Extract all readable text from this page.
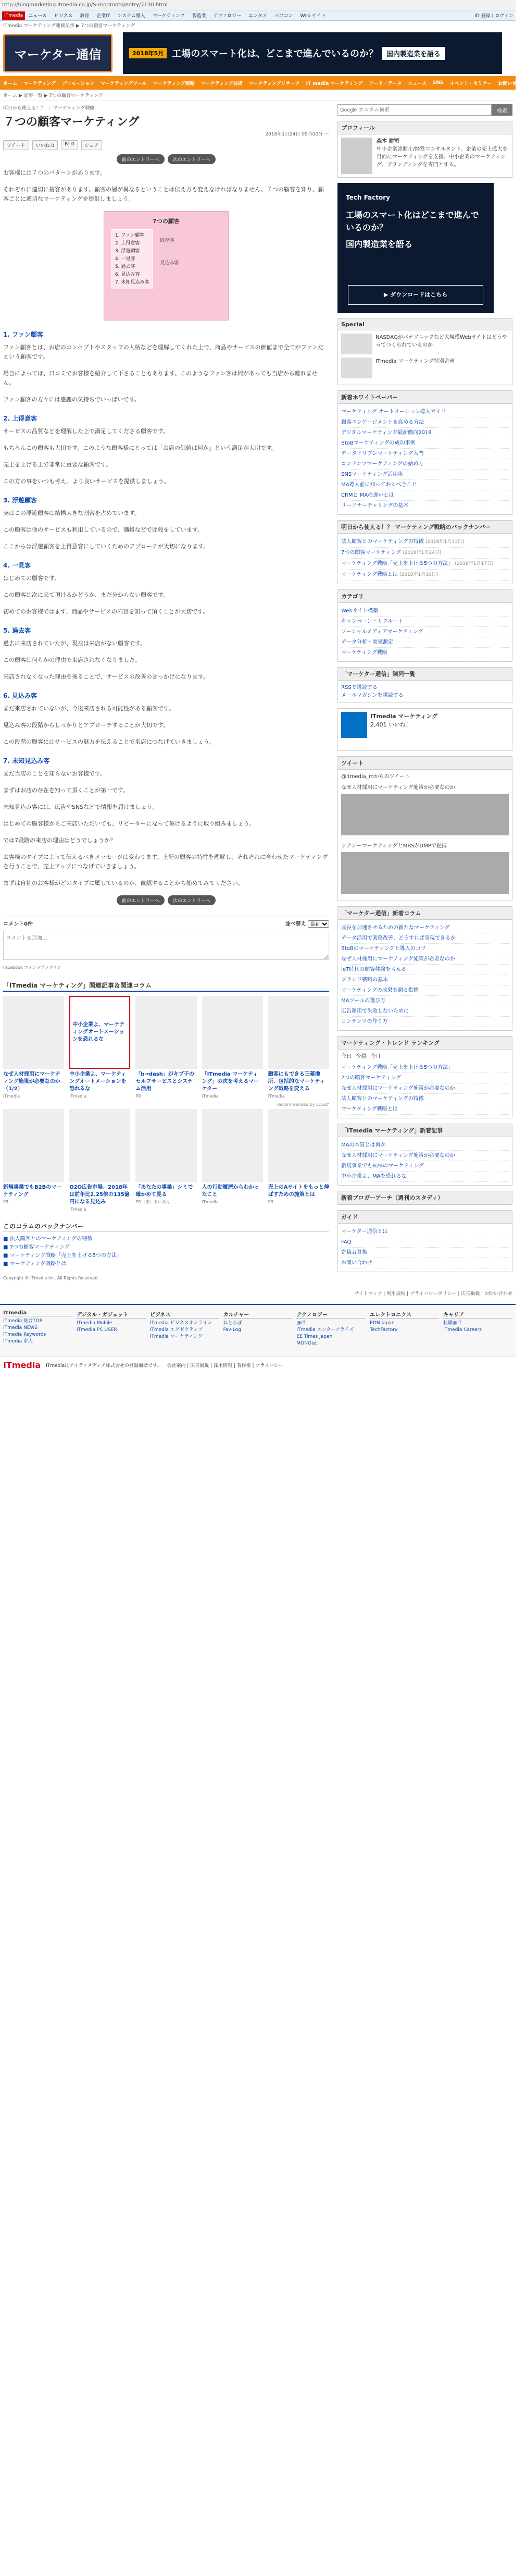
http://blogmarketing.itmedia.co.jp/S-morimoto/entry/7130.html
ITmedia	ニュース ビジネス 教育 企業IT システム導入 マーケティング 製造業 テクノロジー エンタメ パソコン Web サイト	ID 登録 | ログイン
ITmedia マーケティング連載記事 ▶ 7つの顧客マーケティング
マーケター通信	2018年5月 工場のスマート化は、どこまで進んでいるのか？	国内製造業を語る
ホーム マーケティング プロモーション マーケティングツール マーケティング戦略 マーケティング技術 マーケティングリサーチ IT media マーケティング ワード・データ ニュース SNS イベント・セミナー お問い合わせ
ホーム ▶ 記事一覧 ▶ 7つの顧客マーケティング
明日から使える！？ ｜ マーケティング戦略
７つの顧客マーケティング
2018年1月24日 09時00分 ～
ツイート	いいね 0	B! 0	シェア
前のエントリーへ	次のエントリーへ

お客様には７つのパターンがあります。

それぞれに適切に接客があります。顧客の層が異なるということは伝え方も変えなければなりません。７つの顧客を知り、顧客ごとに適切なマーケティングを提供しましょう。

7つの顧客
1. ファン顧客
2. 上得意客
3. 浮遊顧客
4. 一見客
5. 過去客
6. 見込み客
7. 未知見込み客
既存客
見込み客
1. ファン顧客

ファン顧客とは、お店のコンセプトやスタッフの人柄などを理解してくれた上で、商品やサービスの価値まで全てがファンだという顧客です。

場合によっては、口コミでお客様を紹介して下さることもあります。このようなファン客は何があっても当店から離れません。

ファン顧客の方々には感謝の気持ちでいっぱいです。

2. 上得意客

サービスの品質などを理解した上で満足してくださる顧客です。

もちろんこの顧客も大切です。このような顧客様にとっては「お店の価値は何か」という満足が大切です。

売上を上げる上で非常に重要な顧客です。

この方の事をいつも考え、より良いサービスを提供しましょう。

3. 浮遊顧客

実はこの浮遊顧客は結構大きな割合を占めています。

この顧客は他のサービスも利用しているので、価格などで比較をしています。

ここからは浮遊顧客を上得意客にしていくためのアプローチが大切になります。

4. 一見客

はじめての顧客です。

この顧客は次に来て頂けるかどうか、まだ分からない顧客です。

初めてのお客様ではまず、商品やサービスの内容を知って頂くことが大切です。

5. 過去客

過去に来店されていたが、現在は来店がない顧客です。

この顧客は何らかの理由で来店されなくなりました。

来店されなくなった理由を探ることで、サービスの改善のきっかけになります。

6. 見込み客

まだ来店されていないが、今後来店される可能性がある顧客です。

見込み客の段階からしっかりとアプローチすることが大切です。

この段階の顧客にはサービスの魅力を伝えることで来店につなげていきましょう。

7. 未知見込み客

まだ当店のことを知らないお客様です。

まずはお店の存在を知って頂くことが第一です。

未知見込み客には、広告やSNSなどで情報を届けましょう。

はじめての顧客様からご来店いただいても、リピーターになって頂けるように取り組みましょう。

では7段階の来店の理由はどうでしょうか？

お客様のタイプによって伝えるべきメッセージは変わります。上記の顧客の特性を理解し、それぞれに合わせたマーケティングを行うことで、売上アップにつなげていきましょう。

まずは自社のお客様がどのタイプに属しているのか、確認することから始めてみてください。

前のエントリーへ	次のエントリーへ
コメント0件	並べ替え
最新
コメントを追加...
Facebook コメントプラグイン
「ITmedia マーケティング」関連記事＆関連コラム
なぜ人材採用にマーケティング施策が必要なのか（1/2）
ITmedia
中小企業よ、マーケティングオートメーションを恐れるな
中小企業よ、マーケティングオートメーションを恐れるな
ITmedia
「b→dash」がキブ子のセルフサービスとシステム活用
PR
「ITmedia マーケティング」の次を考えるマーケター
ITmedia
顧客にもできる三菱地所、包括的なマーケティング戦略を変える
ITmedia
Recommended by LOGLY
新規事業でもB2Bのマーケティング
PR
O2O広告市場、2018年は前年比2.25倍の135億円になる見込み
ITmedia
「あなたの事業」シミで確かめて見る
PR（株）あいあん
人の行動履歴からわかったこと
ITmedia
売上のAサイトをもっと伸ばすための施策とは
PR
このコラムのバックナンバー
■ 法人顧客とのマーケティングの特徴
■ 7つの顧客マーケティング
■ マーケティング戦略「売上を上げる5つの方法」
■ マーケティング戦略とは
Copyright © ITmedia Inc. All Rights Reserved.
Google カスタム検索
検索
プロフィール
森本 耕司
中小企業診断士/経営コンサルタント。企業の売上拡大を目的にマーケティングを支援。中小企業のマーケティング、ブランディングを専門とする。
Tech Factory
工場のスマート化はどこまで進んでいるのか？
国内製造業を語る
▶ ダウンロードはこちら
Special
NASDAQがパナソニックなど大規模Webサイトはどうやってつくられているのか
ITmedia マーケティング特別企画
新着ホワイトペーパー
マーケティング オートメーション導入ガイド
顧客エンゲージメントを高める方法
デジタルマーケティング最新動向2018
BtoBマーケティングの成功事例
データドリブンマーケティング入門
コンテンツマーケティングの始め方
SNSマーケティング活用術
MA導入前に知っておくべきこと
CRMと MAの違いとは
リードナーチャリングの基本
明日から使える！？ マーケティング戦略のバックナンバー
法人顧客とのマーケティングの特徴 (2018年1月31日)
7つの顧客マーケティング (2018年1月24日)
マーケティング戦略「売上を上げる5つの方法」 (2018年1月17日)
マーケティング戦略とは (2018年1月10日)
カテゴリ
Webサイト構築
キャンペーン・リクルート
ソーシャルメディアマーケティング
データ分析・効果測定
マーケティング戦略
「マーケター通信」陳列一覧
RSSで購読する
メールマガジンを購読する
ITmedia マーケティング
2,401 いいね！
ツイート
@itmedia_mからのツイート
なぜ人材採用にマーケティング施策が必要なのか
シナジーマーケティングとMBSがDMPで提携
「マーケター通信」新着コラム
成長を加速させるための新たなマーケティング
データ活用で業務改善、どうすれば実現できるか
BtoBのマーケティングと導入のコツ
なぜ人材採用にマーケティング施策が必要なのか
IoT時代の顧客体験を考える
ブランド戦略の基本
マーケティングの成果を測る指標
MAツールの選び方
広告運用で失敗しないために
コンテンツの作り方
マーケティング・トレンド ランキング
今日 今週 今月
マーケティング戦略「売上を上げる5つの方法」
7つの顧客マーケティング
なぜ人材採用にマーケティング施策が必要なのか
法人顧客とのマーケティングの特徴
マーケティング戦略とは
「ITmedia マーケティング」新着記事
MAの本質とは何か
なぜ人材採用にマーケティング施策が必要なのか
新規事業でもB2Bのマーケティング
中小企業よ、MAを恐れるな
新着ブロガーアーチ（週刊のスタディ）
ガイド
マーケター通信とは
FAQ
寄稿者募集
お問い合わせ
サイトマップ | 利用規約 | プライバシーポリシー | 広告掲載 | お問い合わせ
ITmedia
ITmedia 総合TOP
ITmedia NEWS
ITmedia Keywords
ITmedia 求人
デジタル・ガジェット
ITmedia Mobile
ITmedia PC USER
ビジネス
ITmedia ビジネスオンライン
ITmedia エグゼクティブ
ITmedia マーケティング
カルチャー
ねとらぼ
Fav-Log
テクノロジー
@IT
ITmedia エンタープライズ
EE Times Japan
MONOist
エレクトロニクス
EDN Japan
TechFactory
キャリア
転職@IT
ITmedia Careers
ITmedia ITmediaはアイティメディア株式会社の登録商標です。 会社案内 | 広告掲載 | 採用情報 | 著作権 | プライバシー
